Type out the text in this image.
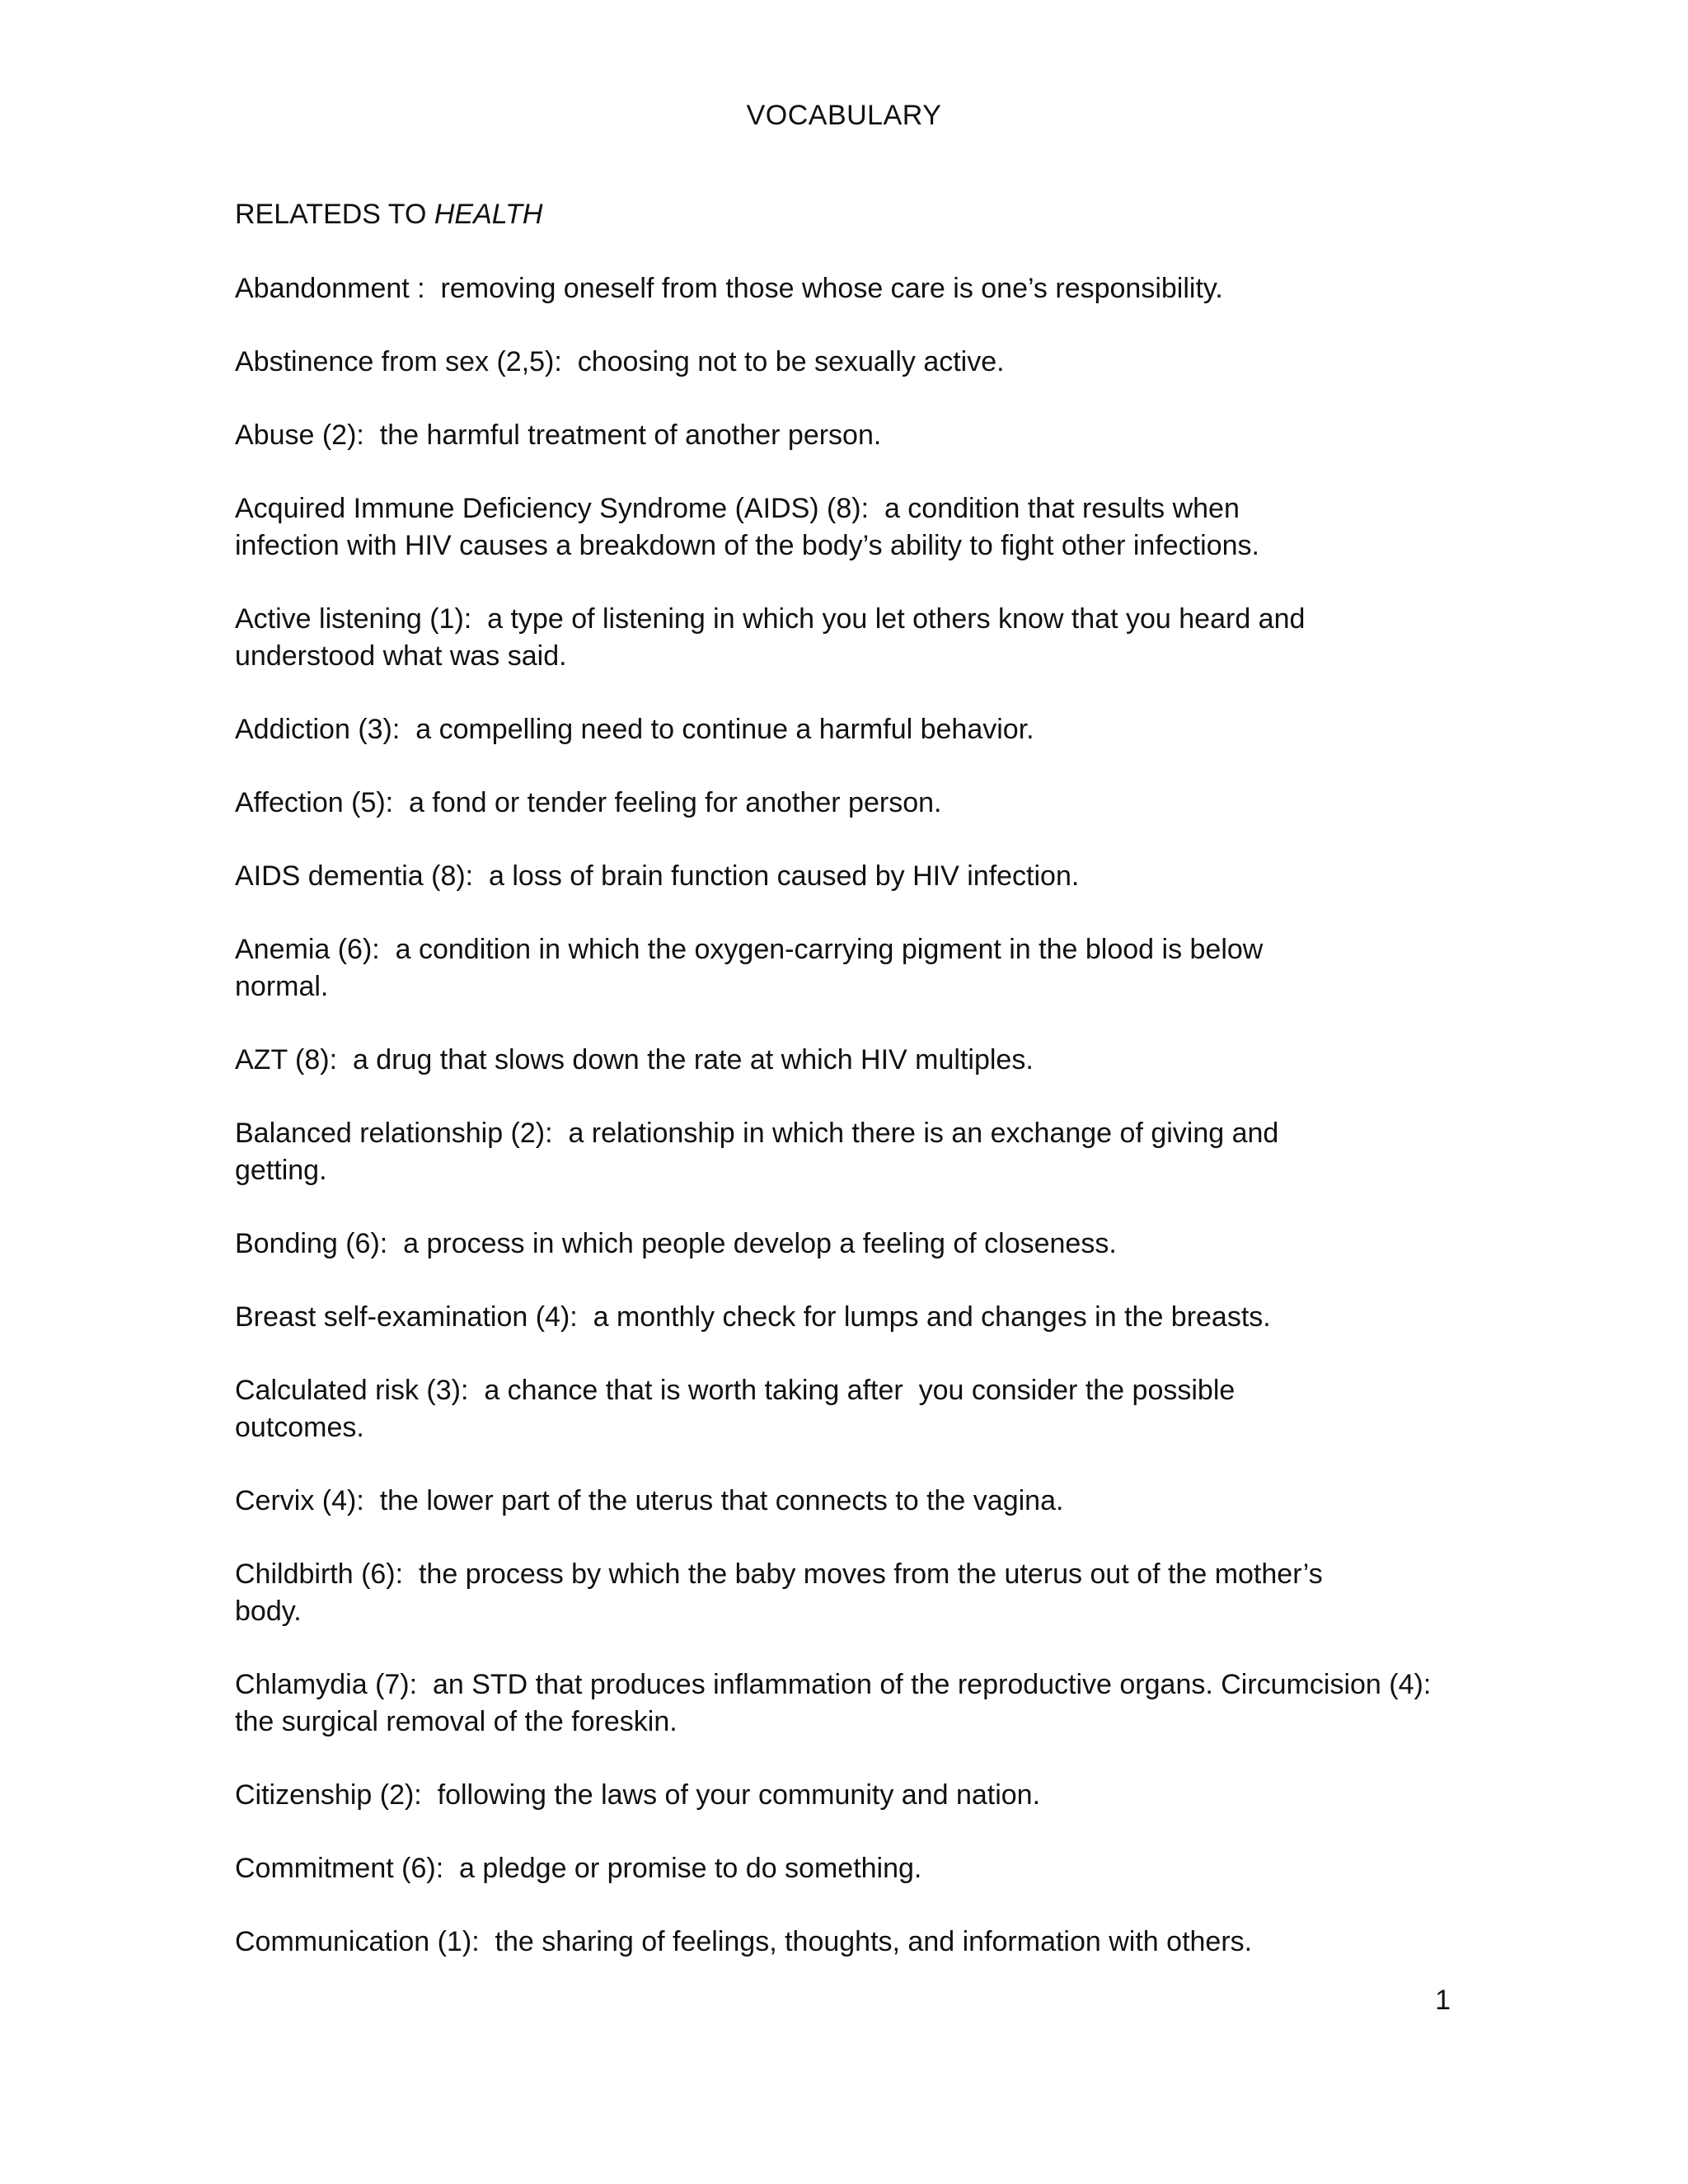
VOCABULARY
RELATEDS TO HEALTH
Abandonment :  removing oneself from those whose care is one’s responsibility.
Abstinence from sex (2,5):  choosing not to be sexually active.
Abuse (2):  the harmful treatment of another person.
Acquired Immune Deficiency Syndrome (AIDS) (8):  a condition that results when infection with HIV causes a breakdown of the body’s ability to fight other infections.
Active listening (1):  a type of listening in which you let others know that you heard and understood what was said.
Addiction (3):  a compelling need to continue a harmful behavior.
Affection (5):  a fond or tender feeling for another person.
AIDS dementia (8):  a loss of brain function caused by HIV infection.
Anemia (6):  a condition in which the oxygen-carrying pigment in the blood is below normal.
AZT (8):  a drug that slows down the rate at which HIV multiples.
Balanced relationship (2):  a relationship in which there is an exchange of giving and getting.
Bonding (6):  a process in which people develop a feeling of closeness.
Breast self-examination (4):  a monthly check for lumps and changes in the breasts.
Calculated risk (3):  a chance that is worth taking after  you consider the possible outcomes.
Cervix (4):  the lower part of the uterus that connects to the vagina.
Childbirth (6):  the process by which the baby moves from the uterus out of the mother’s body.
Chlamydia (7):  an STD that produces inflammation of the reproductive organs. Circumcision (4): the surgical removal of the foreskin.
Citizenship (2):  following the laws of your community and nation.
Commitment (6):  a pledge or promise to do something.
Communication (1):  the sharing of feelings, thoughts, and information with others.

1
